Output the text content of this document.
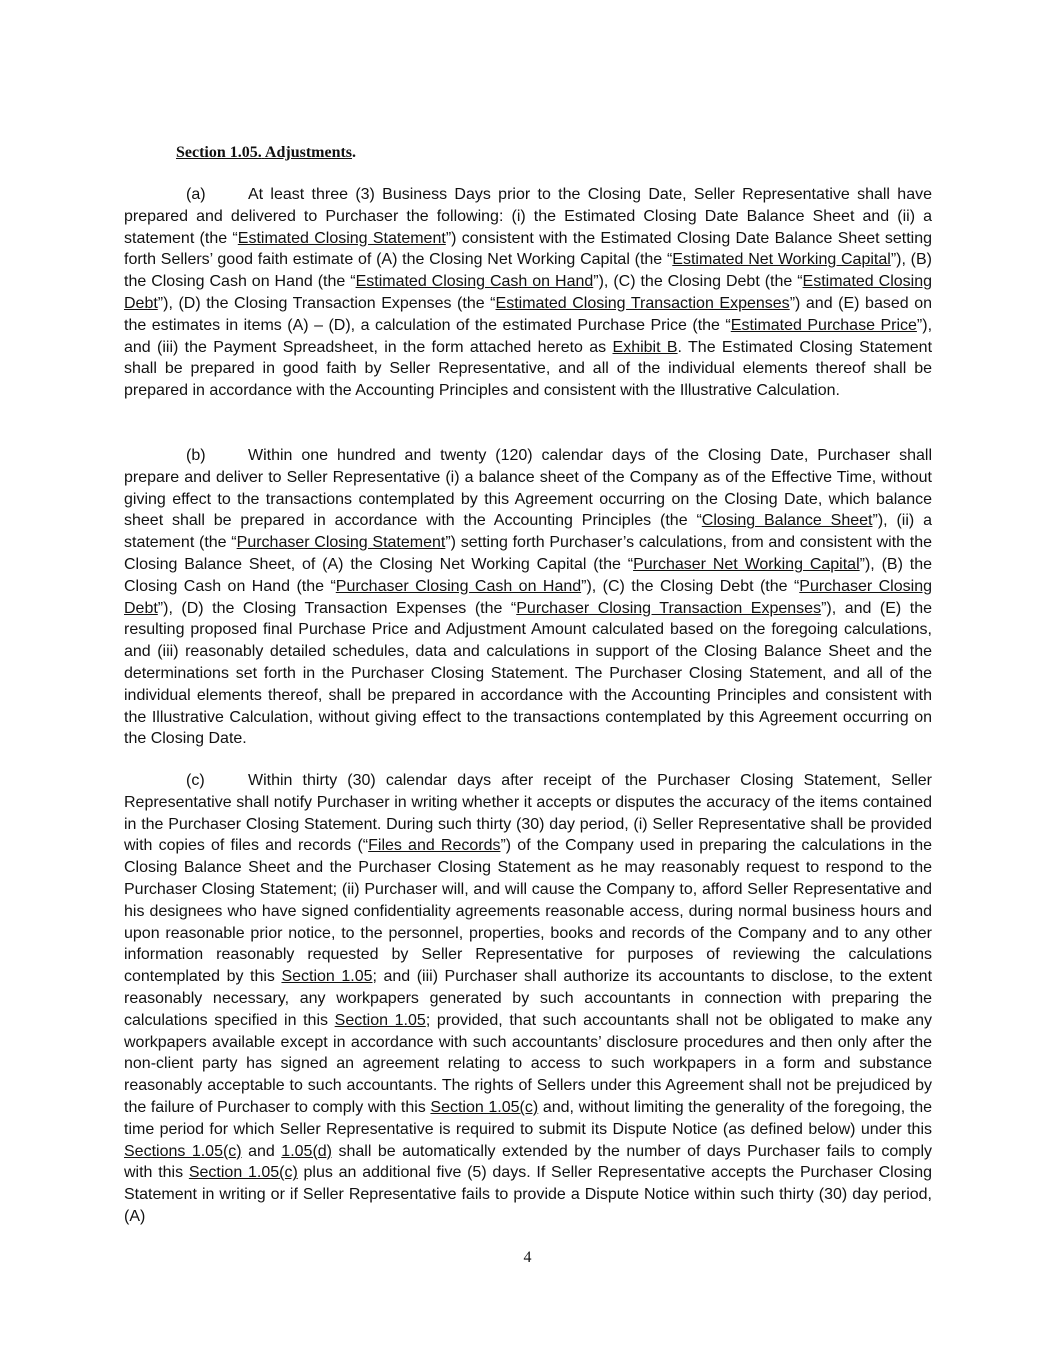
Section 1.05. Adjustments.

(a)	At least three (3) Business Days prior to the Closing Date, Seller Representative shall have prepared and delivered to Purchaser the following: (i) the Estimated Closing Date Balance Sheet and (ii) a statement (the “Estimated Closing Statement”) consistent with the Estimated Closing Date Balance Sheet setting forth Sellers’ good faith estimate of (A) the Closing Net Working Capital (the “Estimated Net Working Capital”), (B) the Closing Cash on Hand (the “Estimated Closing Cash on Hand”), (C) the Closing Debt (the “Estimated Closing Debt”), (D) the Closing Transaction Expenses (the “Estimated Closing Transaction Expenses”) and (E) based on the estimates in items (A) – (D), a calculation of the estimated Purchase Price (the “Estimated Purchase Price”), and (iii) the Payment Spreadsheet, in the form attached hereto as Exhibit B. The Estimated Closing Statement shall be prepared in good faith by Seller Representative, and all of the individual elements thereof shall be prepared in accordance with the Accounting Principles and consistent with the Illustrative Calculation.

(b)	Within one hundred and twenty (120) calendar days of the Closing Date, Purchaser shall prepare and deliver to Seller Representative (i) a balance sheet of the Company as of the Effective Time, without giving effect to the transactions contemplated by this Agreement occurring on the Closing Date, which balance sheet shall be prepared in accordance with the Accounting Principles (the “Closing Balance Sheet”), (ii) a statement (the “Purchaser Closing Statement”) setting forth Purchaser’s calculations, from and consistent with the Closing Balance Sheet, of (A) the Closing Net Working Capital (the “Purchaser Net Working Capital”), (B) the Closing Cash on Hand (the “Purchaser Closing Cash on Hand”), (C) the Closing Debt (the “Purchaser Closing Debt”), (D) the Closing Transaction Expenses (the “Purchaser Closing Transaction Expenses”), and (E) the resulting proposed final Purchase Price and Adjustment Amount calculated based on the foregoing calculations, and (iii) reasonably detailed schedules, data and calculations in support of the Closing Balance Sheet and the determinations set forth in the Purchaser Closing Statement. The Purchaser Closing Statement, and all of the individual elements thereof, shall be prepared in accordance with the Accounting Principles and consistent with the Illustrative Calculation, without giving effect to the transactions contemplated by this Agreement occurring on the Closing Date.

(c)	Within thirty (30) calendar days after receipt of the Purchaser Closing Statement, Seller Representative shall notify Purchaser in writing whether it accepts or disputes the accuracy of the items contained in the Purchaser Closing Statement. During such thirty (30) day period, (i) Seller Representative shall be provided with copies of files and records (“Files and Records”) of the Company used in preparing the calculations in the Closing Balance Sheet and the Purchaser Closing Statement as he may reasonably request to respond to the Purchaser Closing Statement; (ii) Purchaser will, and will cause the Company to, afford Seller Representative and his designees who have signed confidentiality agreements reasonable access, during normal business hours and upon reasonable prior notice, to the personnel, properties, books and records of the Company and to any other information reasonably requested by Seller Representative for purposes of reviewing the calculations contemplated by this Section 1.05; and (iii) Purchaser shall authorize its accountants to disclose, to the extent reasonably necessary, any workpapers generated by such accountants in connection with preparing the calculations specified in this Section 1.05; provided, that such accountants shall not be obligated to make any workpapers available except in accordance with such accountants’ disclosure procedures and then only after the non-client party has signed an agreement relating to access to such workpapers in a form and substance reasonably acceptable to such accountants. The rights of Sellers under this Agreement shall not be prejudiced by the failure of Purchaser to comply with this Section 1.05(c) and, without limiting the generality of the foregoing, the time period for which Seller Representative is required to submit its Dispute Notice (as defined below) under this Sections 1.05(c) and 1.05(d) shall be automatically extended by the number of days Purchaser fails to comply with this Section 1.05(c) plus an additional five (5) days. If Seller Representative accepts the Purchaser Closing Statement in writing or if Seller Representative fails to provide a Dispute Notice within such thirty (30) day period, (A)

4
